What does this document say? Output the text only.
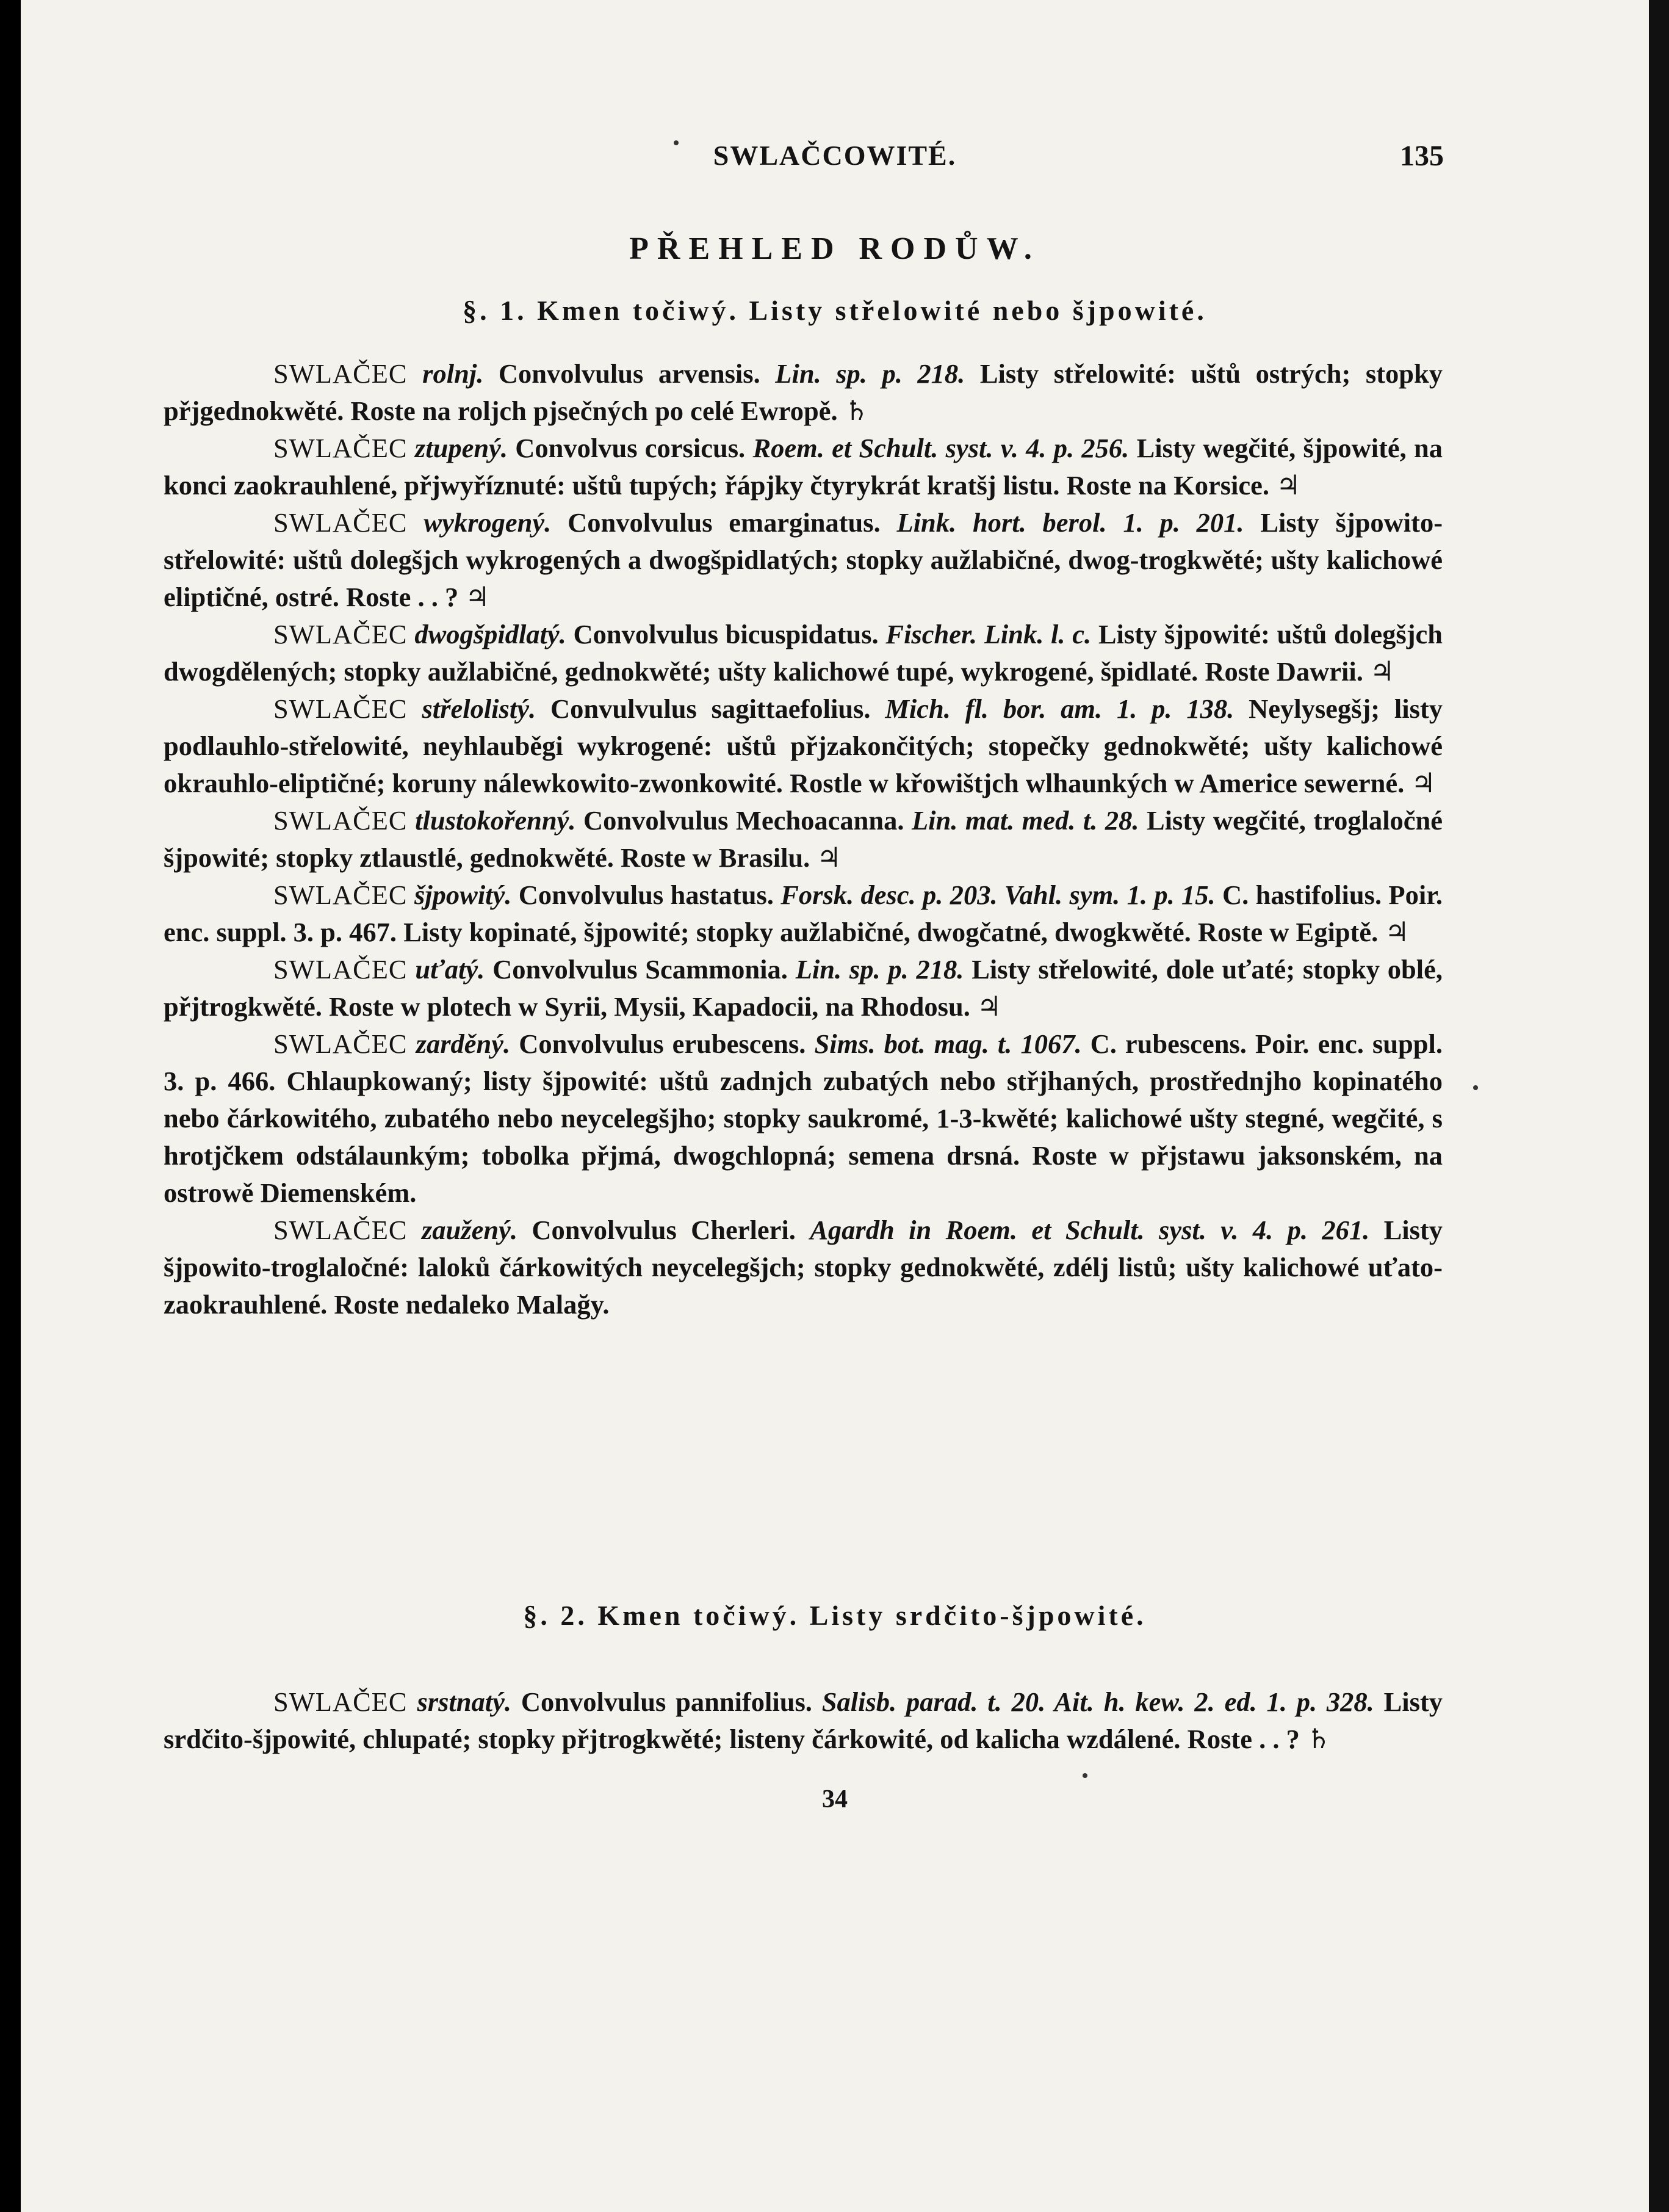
SWLAČCOWITÉ.	135
PŘEHLED RODŮW.
§. 1. Kmen točiwý. Listy střelowité nebo šjpowité.

SWLAČEC rolnj. Convolvulus arvensis. Lin. sp. p. 218. Listy střelowité: uštů ostrých; stopky přjgednokwěté. Roste na roljch pjsečných po celé Ewropě. ♄

SWLAČEC ztupený. Convolvus corsicus. Roem. et Schult. syst. v. 4. p. 256. Listy wegčité, šjpowité, na konci zaokrauhlené, přjwyříznuté: uštů tupých; řápjky čtyrykrát kratšj listu. Roste na Korsice. ♃

SWLAČEC wykrogený. Convolvulus emarginatus. Link. hort. berol. 1. p. 201. Listy šjpowito-střelowité: uštů dolegšjch wykrogených a dwogšpidlatých; stopky aužlabičné, dwog-trogkwěté; ušty kalichowé eliptičné, ostré. Roste . . ? ♃

SWLAČEC dwogšpidlatý. Convolvulus bicuspidatus. Fischer. Link. l. c. Listy šjpowité: uštů dolegšjch dwogdělených; stopky aužlabičné, gednokwěté; ušty kalichowé tupé, wykrogené, špidlaté. Roste Dawrii. ♃

SWLAČEC střelolistý. Convulvulus sagittaefolius. Mich. fl. bor. am. 1. p. 138. Neylysegšj; listy podlauhlo-střelowité, neyhlauběgi wykrogené: uštů přjzakončitých; stopečky gednokwěté; ušty kalichowé okrauhlo-eliptičné; koruny nálewkowito-zwonkowité. Rostle w křowištjch wlhaunkých w Americe sewerné. ♃

SWLAČEC tlustokořenný. Convolvulus Mechoacanna. Lin. mat. med. t. 28. Listy wegčité, troglaločné šjpowité; stopky ztlaustlé, gednokwěté. Roste w Brasilu. ♃

SWLAČEC šjpowitý. Convolvulus hastatus. Forsk. desc. p. 203. Vahl. sym. 1. p. 15. C. hastifolius. Poir. enc. suppl. 3. p. 467. Listy kopinaté, šjpowité; stopky aužlabičné, dwogčatné, dwogkwěté. Roste w Egiptě. ♃

SWLAČEC uťatý. Convolvulus Scammonia. Lin. sp. p. 218. Listy střelowité, dole uťaté; stopky oblé, přjtrogkwěté. Roste w plotech w Syrii, Mysii, Kapadocii, na Rhodosu. ♃

SWLAČEC zarděný. Convolvulus erubescens. Sims. bot. mag. t. 1067. C. rubescens. Poir. enc. suppl. 3. p. 466. Chlaupkowaný; listy šjpowité: uštů zadnjch zubatých nebo střjhaných, prostřednjho kopinatého nebo čárkowitého, zubatého nebo neycelegšjho; stopky saukromé, 1-3-kwěté; kalichowé ušty stegné, wegčité, s hrotjčkem odstálaunkým; tobolka přjmá, dwogchlopná; semena drsná. Roste w přjstawu jaksonském, na ostrowě Diemenském.

SWLAČEC zaužený. Convolvulus Cherleri. Agardh in Roem. et Schult. syst. v. 4. p. 261. Listy šjpowito-troglaločné: laloků čárkowitých neycelegšjch; stopky gednokwěté, zdélj listů; ušty kalichowé uťato-zaokrauhlené. Roste nedaleko Malağy.

§. 2. Kmen točiwý. Listy srdčito-šjpowité.

SWLAČEC srstnatý. Convolvulus pannifolius. Salisb. parad. t. 20. Ait. h. kew. 2. ed. 1. p. 328. Listy srdčito-šjpowité, chlupaté; stopky přjtrogkwěté; listeny čárkowité, od kalicha wzdálené. Roste . . ? ♄

34
